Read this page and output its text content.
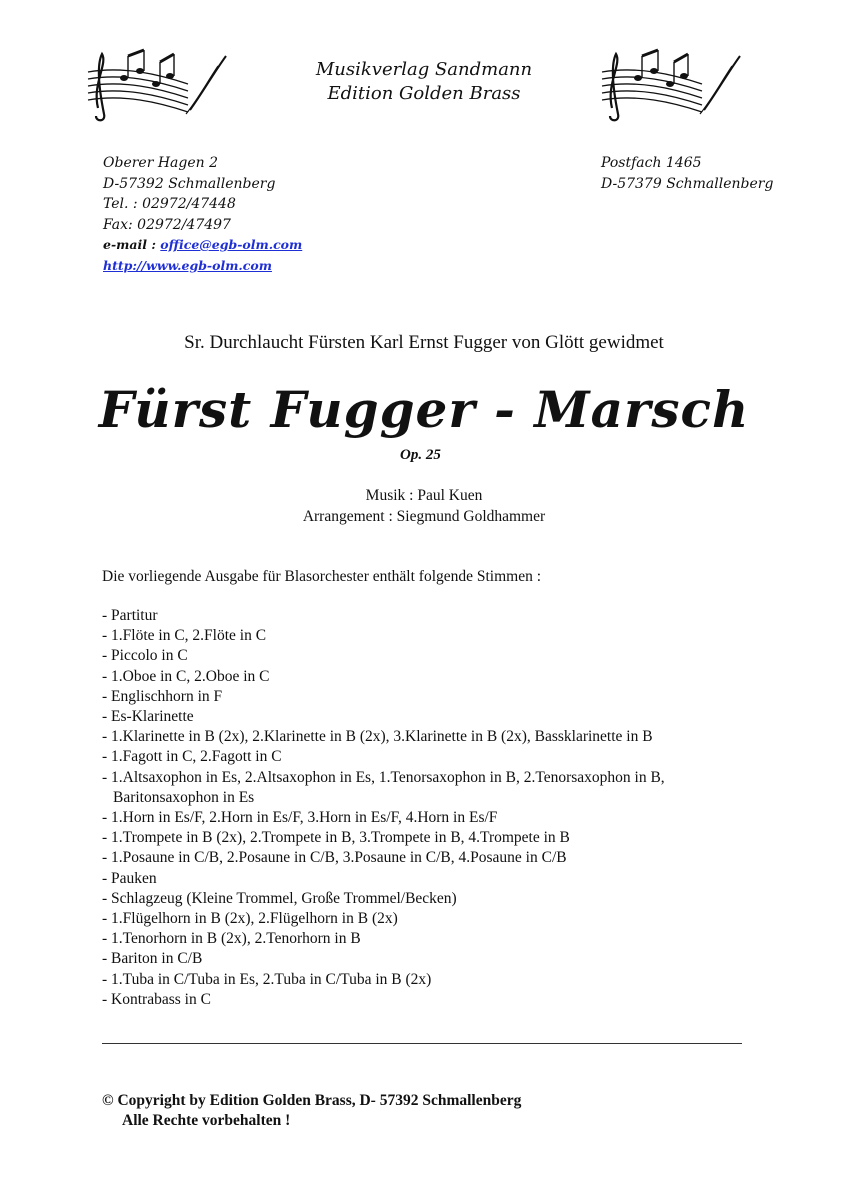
Musikverlag Sandmann
Edition Golden Brass
Oberer Hagen 2
D-57392 Schmallenberg
Tel. : 02972/47448
Fax: 02972/47497
e-mail : office@egb-olm.com
http://www.egb-olm.com
Postfach 1465
D-57379 Schmallenberg
Sr. Durchlaucht Fürsten Karl Ernst Fugger von Glött gewidmet
Fürst Fugger - Marsch
Op. 25
Musik : Paul Kuen
Arrangement : Siegmund Goldhammer
Die vorliegende Ausgabe für Blasorchester enthält folgende Stimmen :
- Partitur
- 1.Flöte in C, 2.Flöte in C
- Piccolo in C
- 1.Oboe in C, 2.Oboe in C
- Englischhorn in F
- Es-Klarinette
- 1.Klarinette in B (2x), 2.Klarinette in B (2x), 3.Klarinette in B (2x), Bassklarinette in B
- 1.Fagott in C, 2.Fagott in C
- 1.Altsaxophon in Es, 2.Altsaxophon in Es, 1.Tenorsaxophon in B, 2.Tenorsaxophon in B,
Baritonsaxophon in Es
- 1.Horn in Es/F, 2.Horn in Es/F, 3.Horn in Es/F, 4.Horn in Es/F
- 1.Trompete in B (2x), 2.Trompete in B, 3.Trompete in B, 4.Trompete in B
- 1.Posaune in C/B, 2.Posaune in C/B, 3.Posaune in C/B, 4.Posaune in C/B
- Pauken
- Schlagzeug (Kleine Trommel, Große Trommel/Becken)
- 1.Flügelhorn in B (2x), 2.Flügelhorn in B (2x)
- 1.Tenorhorn in B (2x), 2.Tenorhorn in B
- Bariton in C/B
- 1.Tuba in C/Tuba in Es, 2.Tuba in C/Tuba in B (2x)
- Kontrabass in C
© Copyright by Edition Golden Brass, D- 57392 Schmallenberg
Alle Rechte vorbehalten !
